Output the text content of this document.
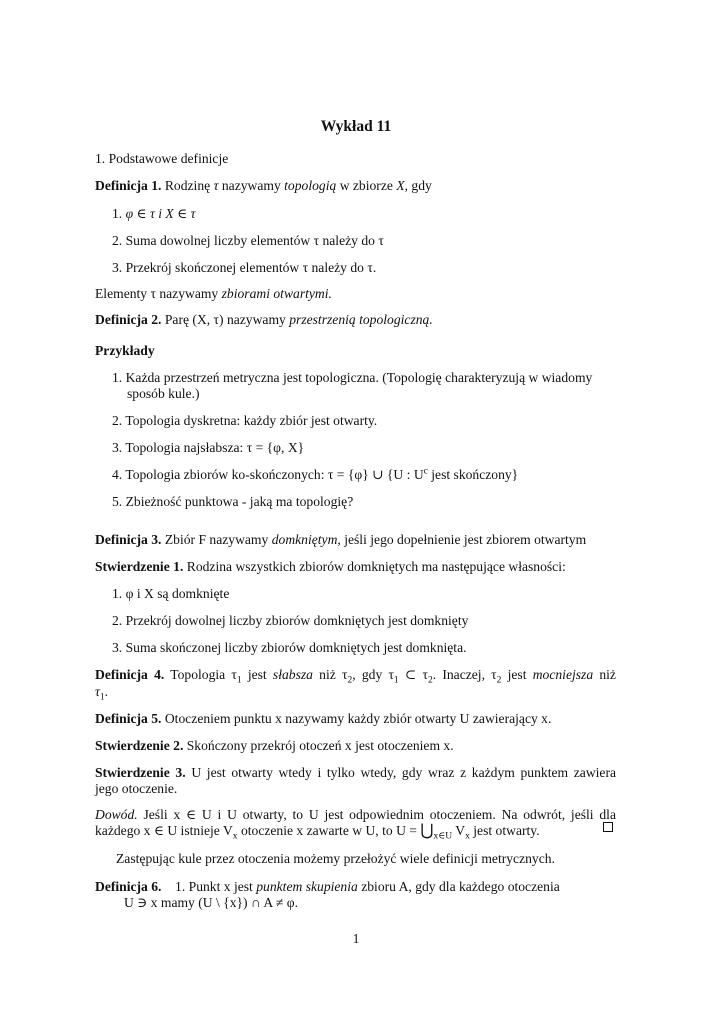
Wykład 11
1. Podstawowe definicje
Definicja 1. Rodzinę τ nazywamy topologią w zbiorze X, gdy
1. φ ∈ τ i X ∈ τ
2. Suma dowolnej liczby elementów τ należy do τ
3. Przekrój skończonej elementów τ należy do τ.
Elementy τ nazywamy zbiorami otwartymi.
Definicja 2. Parę (X, τ) nazywamy przestrzenią topologiczną.
Przykłady
1. Każda przestrzeń metryczna jest topologiczna. (Topologię charakteryzują w wiadomy
sposób kule.)
2. Topologia dyskretna: każdy zbiór jest otwarty.
3. Topologia najsłabsza: τ = {φ, X}
4. Topologia zbiorów ko-skończonych: τ = {φ} ∪ {U : $U^c$ jest skończony}
5. Zbieżność punktowa - jaką ma topologię?
Definicja 3. Zbiór F nazywamy domkniętym, jeśli jego dopełnienie jest zbiorem otwartym
Stwierdzenie 1. Rodzina wszystkich zbiorów domkniętych ma następujące własności:
1. φ i X są domknięte
2. Przekrój dowolnej liczby zbiorów domkniętych jest domknięty
3. Suma skończonej liczby zbiorów domkniętych jest domknięta.
Definicja 4. Topologia $\tau_1$ jest słabsza niż $\tau_2$, gdy $\tau_1$ ⊂ $\tau_2$. Inaczej, $\tau_2$ jest mocniejsza niż
$\tau_1$.
Definicja 5. Otoczeniem punktu x nazywamy każdy zbiór otwarty U zawierający x.
Stwierdzenie 2. Skończony przekrój otoczeń x jest otoczeniem x.
Stwierdzenie 3. U jest otwarty wtedy i tylko wtedy, gdy wraz z każdym punktem zawiera
jego otoczenie.
Dowód. Jeśli x ∈ U i U otwarty, to U jest odpowiednim otoczeniem. Na odwrót, jeśli dla
każdego x ∈ U istnieje $V_x$ otoczenie x zawarte w U, to $U = ⋃_{x\in U}$ $V_x$ jest otwarty.
Zastępując kule przez otoczenia możemy przełożyć wiele definicji metrycznych.
Definicja 6. 1. Punkt x jest punktem skupienia zbioru A, gdy dla każdego otoczenia
U ∋ x mamy (U \ {x}) ∩ A ≠ φ.
1
